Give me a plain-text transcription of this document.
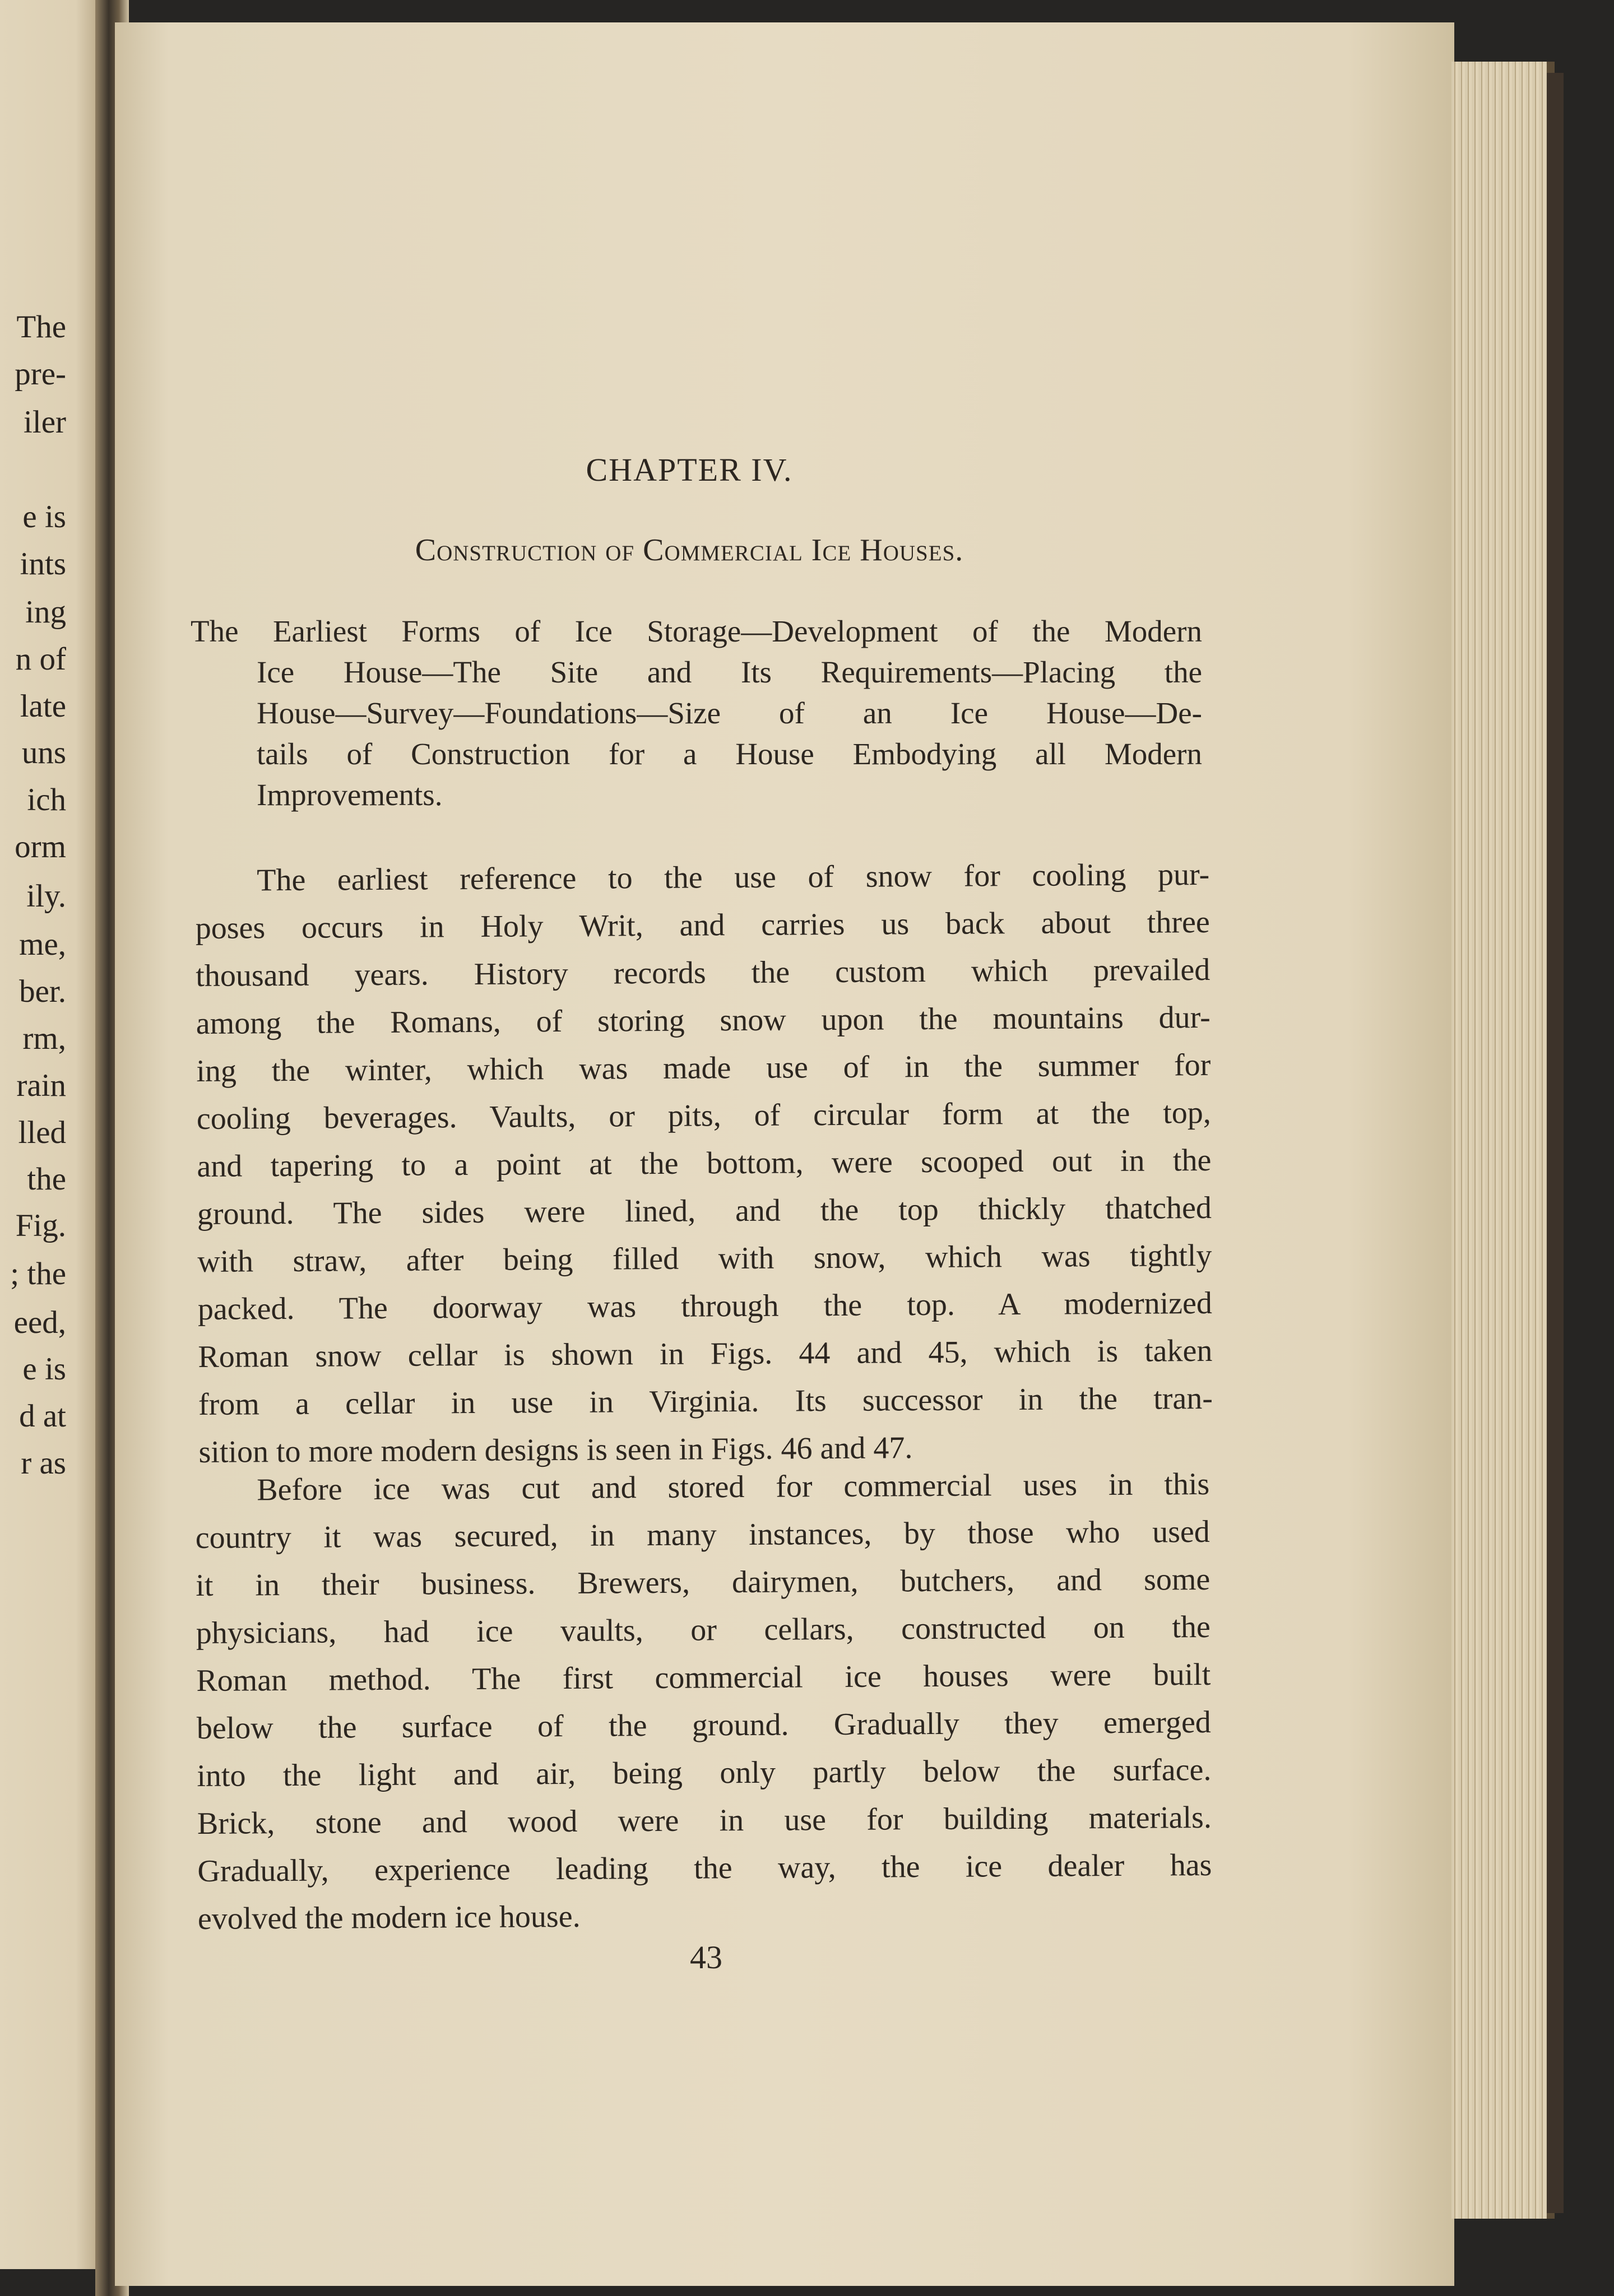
The
pre-
iler
e is
ints
ing
n of
late
uns
ich
orm
ily.
me,
ber.
rm,
rain
lled
the
Fig.
; the
eed,
e is
d at
r as
CHAPTER IV.
Construction of Commercial Ice Houses.
The Earliest Forms of Ice Storage—Development of the Modern
Ice House—The Site and Its Requirements—Placing the
House—Survey—Foundations—Size of an Ice House—De-
tails of Construction for a House Embodying all Modern
Improvements.
The earliest reference to the use of snow for cooling pur-
poses occurs in Holy Writ, and carries us back about three
thousand years. History records the custom which prevailed
among the Romans, of storing snow upon the mountains dur-
ing the winter, which was made use of in the summer for
cooling beverages. Vaults, or pits, of circular form at the top,
and tapering to a point at the bottom, were scooped out in the
ground. The sides were lined, and the top thickly thatched
with straw, after being filled with snow, which was tightly
packed. The doorway was through the top. A modernized
Roman snow cellar is shown in Figs. 44 and 45, which is taken
from a cellar in use in Virginia. Its successor in the tran-
sition to more modern designs is seen in Figs. 46 and 47.
Before ice was cut and stored for commercial uses in this
country it was secured, in many instances, by those who used
it in their business. Brewers, dairymen, butchers, and some
physicians, had ice vaults, or cellars, constructed on the
Roman method. The first commercial ice houses were built
below the surface of the ground. Gradually they emerged
into the light and air, being only partly below the surface.
Brick, stone and wood were in use for building materials.
Gradually, experience leading the way, the ice dealer has
evolved the modern ice house.
43
